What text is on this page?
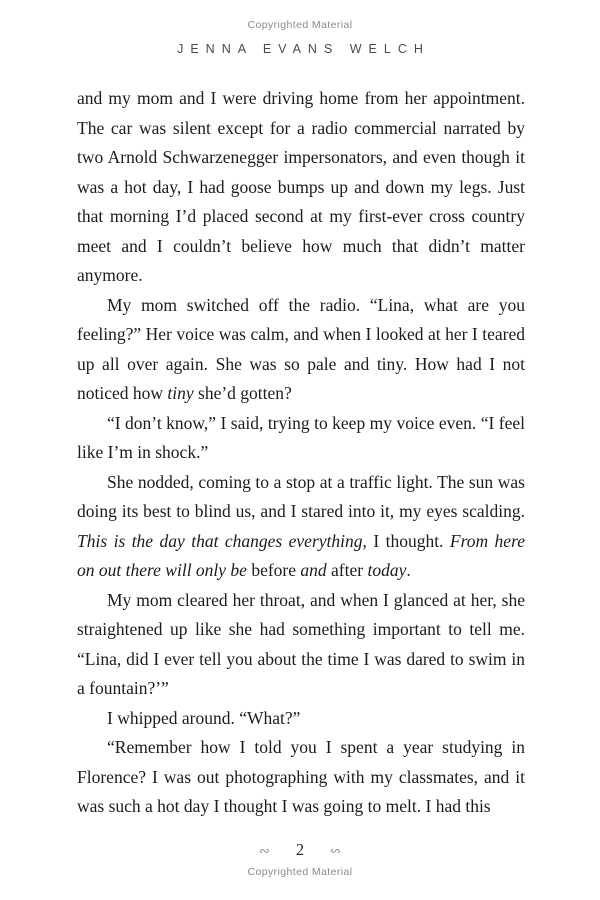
Copyrighted Material
JENNA EVANS WELCH

and my mom and I were driving home from her appointment. The car was silent except for a radio commercial narrated by two Arnold Schwarzenegger impersonators, and even though it was a hot day, I had goose bumps up and down my legs. Just that morning I’d placed second at my first-ever cross country meet and I couldn’t believe how much that didn’t matter anymore.

My mom switched off the radio. “Lina, what are you feeling?” Her voice was calm, and when I looked at her I teared up all over again. She was so pale and tiny. How had I not noticed how tiny she’d gotten?

“I don’t know,” I said, trying to keep my voice even. “I feel like I’m in shock.”

She nodded, coming to a stop at a traffic light. The sun was doing its best to blind us, and I stared into it, my eyes scalding. This is the day that changes everything, I thought. From here on out there will only be before and after today.

My mom cleared her throat, and when I glanced at her, she straightened up like she had something important to tell me. “Lina, did I ever tell you about the time I was dared to swim in a fountain?’”

I whipped around. “What?”

“Remember how I told you I spent a year studying in Florence? I was out photographing with my classmates, and it was such a hot day I thought I was going to melt. I had this

∾ 2 ∾
Copyrighted Material
